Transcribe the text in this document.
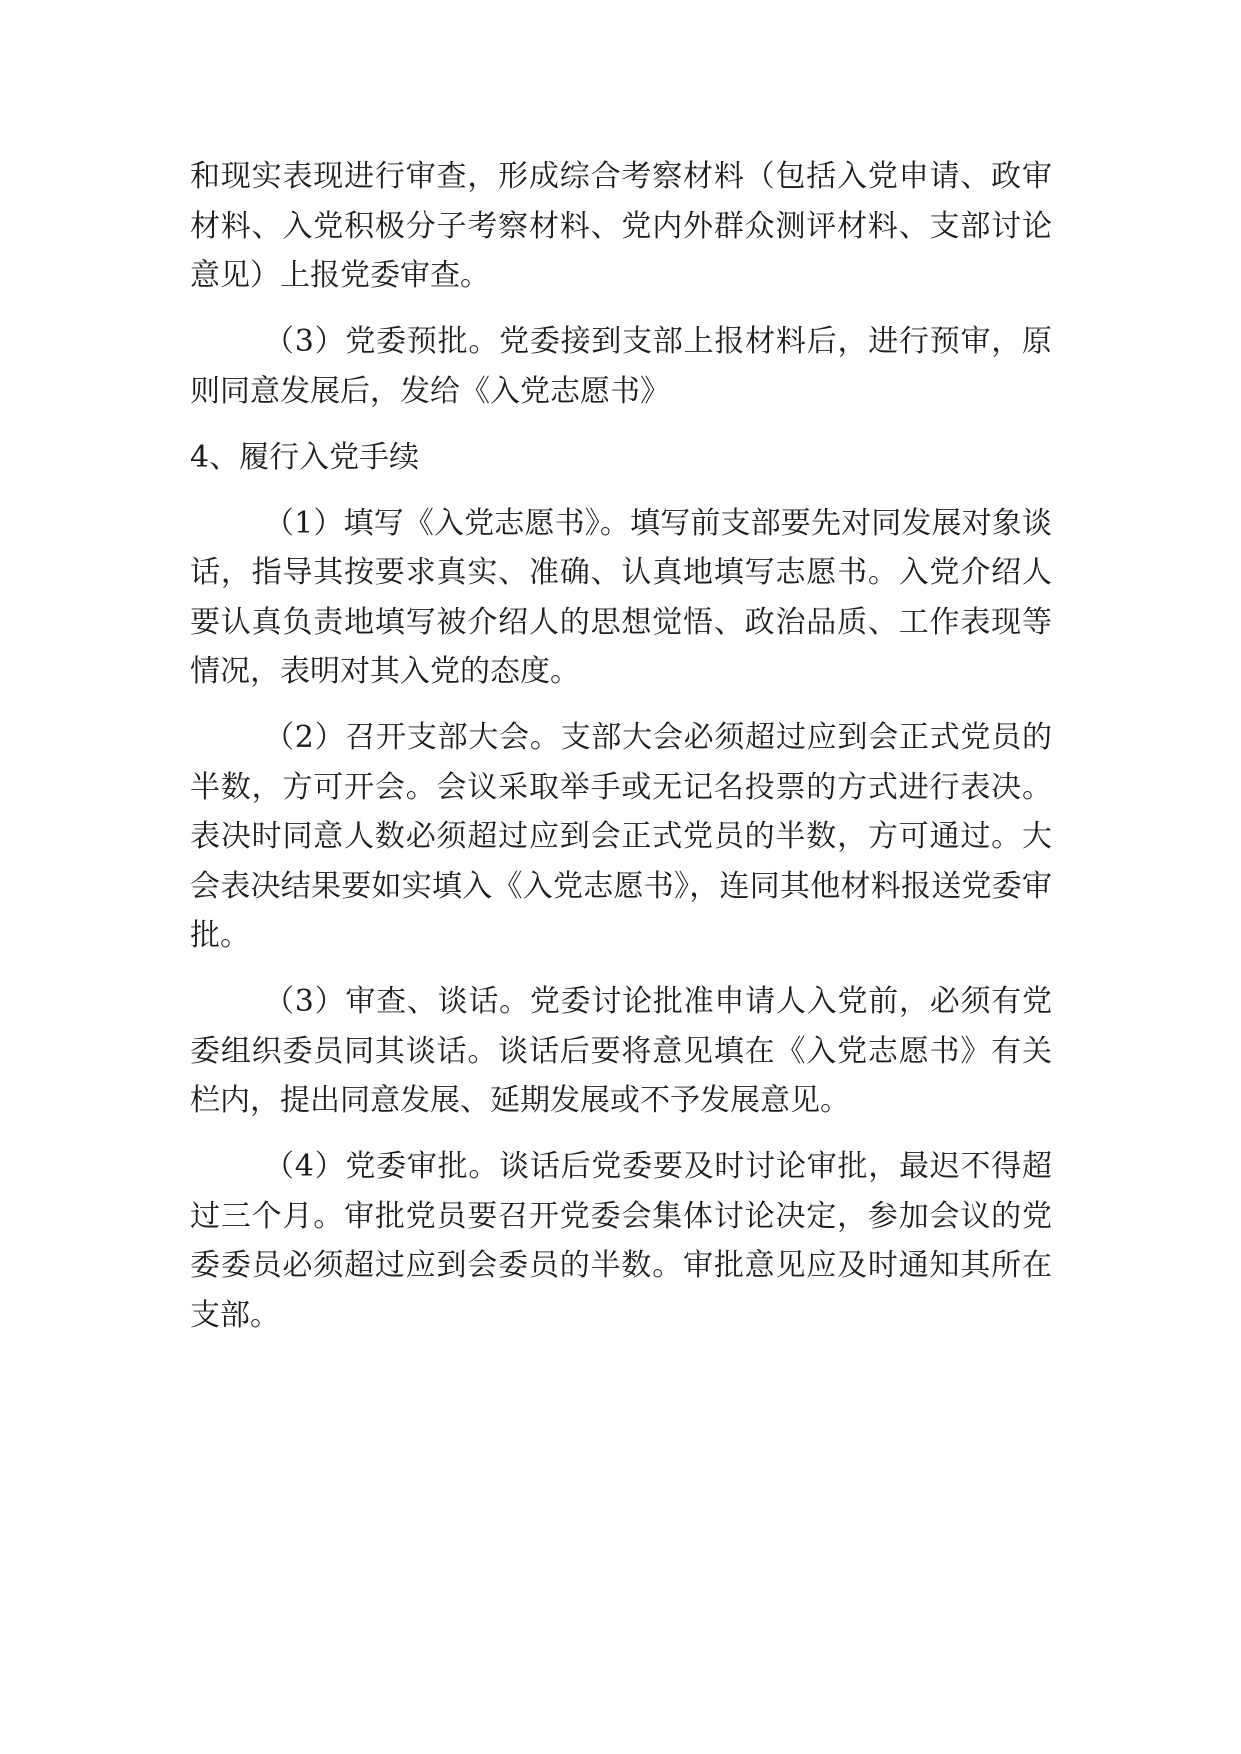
和现实表现进行审查，形成综合考察材料（包括入党申请、政审材料、入党积极分子考察材料、党内外群众测评材料、支部讨论意见）上报党委审查。

（3）党委预批。党委接到支部上报材料后，进行预审，原则同意发展后，发给《入党志愿书》

4、履行入党手续

（1）填写《入党志愿书》。填写前支部要先对同发展对象谈话，指导其按要求真实、准确、认真地填写志愿书。入党介绍人要认真负责地填写被介绍人的思想觉悟、政治品质、工作表现等情况，表明对其入党的态度。

（2）召开支部大会。支部大会必须超过应到会正式党员的半数，方可开会。会议采取举手或无记名投票的方式进行表决。表决时同意人数必须超过应到会正式党员的半数，方可通过。大会表决结果要如实填入《入党志愿书》，连同其他材料报送党委审批。

（3）审查、谈话。党委讨论批准申请人入党前，必须有党委组织委员同其谈话。谈话后要将意见填在《入党志愿书》有关栏内，提出同意发展、延期发展或不予发展意见。

（4）党委审批。谈话后党委要及时讨论审批，最迟不得超过三个月。审批党员要召开党委会集体讨论决定，参加会议的党委委员必须超过应到会委员的半数。审批意见应及时通知其所在支部。
